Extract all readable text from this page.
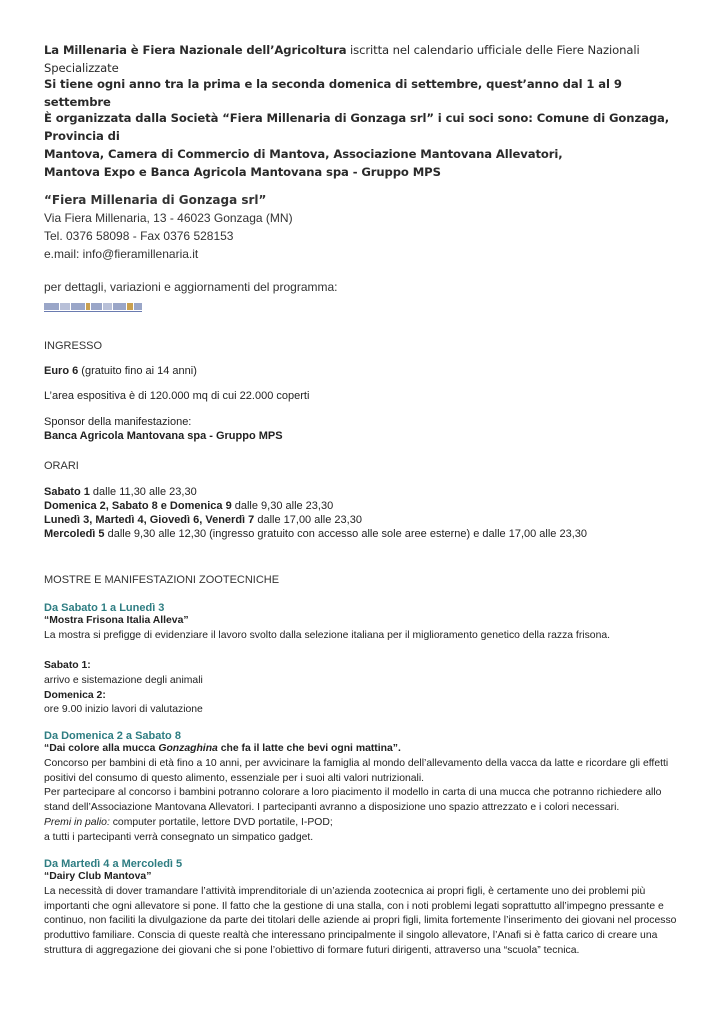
La Millenaria è Fiera Nazionale dell’Agricoltura iscritta nel calendario ufficiale delle Fiere Nazionali Specializzate

Si tiene ogni anno tra la prima e la seconda domenica di settembre, quest’anno dal 1 al 9 settembre

È organizzata dalla Società “Fiera Millenaria di Gonzaga srl” i cui soci sono: Comune di Gonzaga, Provincia di

Mantova, Camera di Commercio di Mantova, Associazione Mantovana Allevatori,

Mantova Expo e Banca Agricola Mantovana spa - Gruppo MPS

“Fiera Millenaria di Gonzaga srl”
Via Fiera Millenaria, 13 - 46023 Gonzaga (MN)
Tel. 0376 58098 - Fax 0376 528153
e.mail: info@fieramillenaria.it
per dettagli, variazioni e aggiornamenti del programma:
INGRESSO
Euro 6 (gratuito fino ai 14 anni)
L’area espositiva è di 120.000 mq di cui 22.000 coperti
Sponsor della manifestazione:
Banca Agricola Mantovana spa - Gruppo MPS
ORARI
Sabato 1 dalle 11,30 alle 23,30
Domenica 2, Sabato 8 e Domenica 9 dalle 9,30 alle 23,30
Lunedì 3, Martedì 4, Giovedì 6, Venerdì 7 dalle 17,00 alle 23,30
Mercoledì 5 dalle 9,30 alle 12,30 (ingresso gratuito con accesso alle sole aree esterne) e dalle 17,00 alle 23,30
MOSTRE E MANIFESTAZIONI ZOOTECNICHE
Da Sabato 1 a Lunedì 3
“Mostra Frisona Italia Alleva”
La mostra si prefigge di evidenziare il lavoro svolto dalla selezione italiana per il miglioramento genetico della razza frisona.
Sabato 1:
arrivo e sistemazione degli animali
Domenica 2:
ore 9.00 inizio lavori di valutazione
Da Domenica 2 a Sabato 8
“Dai colore alla mucca Gonzaghina che fa il latte che bevi ogni mattina”.
Concorso per bambini di età fino a 10 anni, per avvicinare la famiglia al mondo dell’allevamento della vacca da latte e ricordare gli effetti positivi del consumo di questo alimento, essenziale per i suoi alti valori nutrizionali.
Per partecipare al concorso i bambini potranno colorare a loro piacimento il modello in carta di una mucca che potranno richiedere allo stand dell’Associazione Mantovana Allevatori. I partecipanti avranno a disposizione uno spazio attrezzato e i colori necessari.
Premi in palio: computer portatile, lettore DVD portatile, I-POD;
a tutti i partecipanti verrà consegnato un simpatico gadget.
Da Martedì 4 a Mercoledì 5
“Dairy Club Mantova”
La necessità di dover tramandare l’attività imprenditoriale di un’azienda zootecnica ai propri figli, è certamente uno dei problemi più importanti che ogni allevatore si pone. Il fatto che la gestione di una stalla, con i noti problemi legati soprattutto all’impegno pressante e continuo, non faciliti la divulgazione da parte dei titolari delle aziende ai propri figli, limita fortemente l’inserimento dei giovani nel processo produttivo familiare. Conscia di queste realtà che interessano principalmente il singolo allevatore, l’Anafi si è fatta carico di creare una struttura di aggregazione dei giovani che si pone l’obiettivo di formare futuri dirigenti, attraverso una “scuola” tecnica.
